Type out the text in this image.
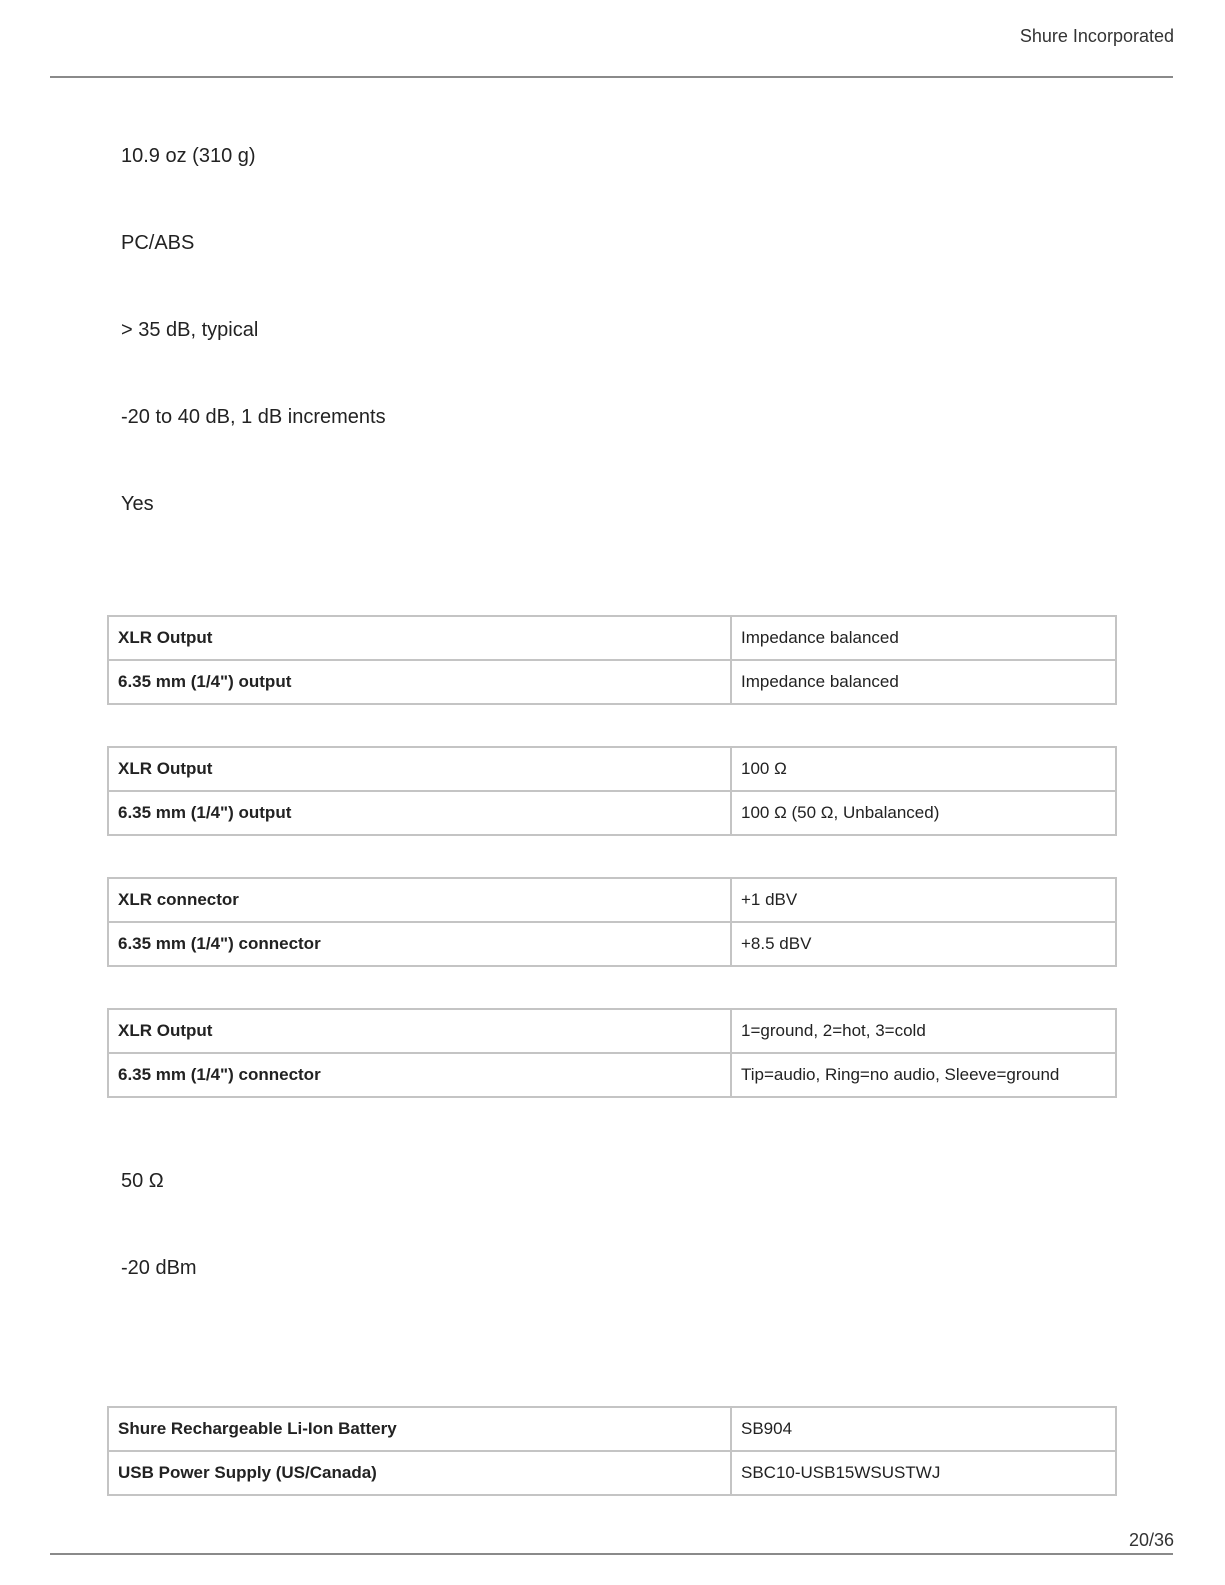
Shure Incorporated
10.9 oz (310 g)
PC/ABS
> 35 dB, typical
-20 to 40 dB, 1 dB increments
Yes
XLR Output	Impedance balanced
6.35 mm (1/4") output	Impedance balanced
XLR Output	100 Ω
6.35 mm (1/4") output	100 Ω (50 Ω, Unbalanced)
XLR connector	+1 dBV
6.35 mm (1/4") connector	+8.5 dBV
XLR Output	1=ground, 2=hot, 3=cold
6.35 mm (1/4") connector	Tip=audio, Ring=no audio, Sleeve=ground
50 Ω
-20 dBm
Shure Rechargeable Li-Ion Battery	SB904
USB Power Supply (US/Canada)	SBC10-USB15WSUSTWJ
20/36
